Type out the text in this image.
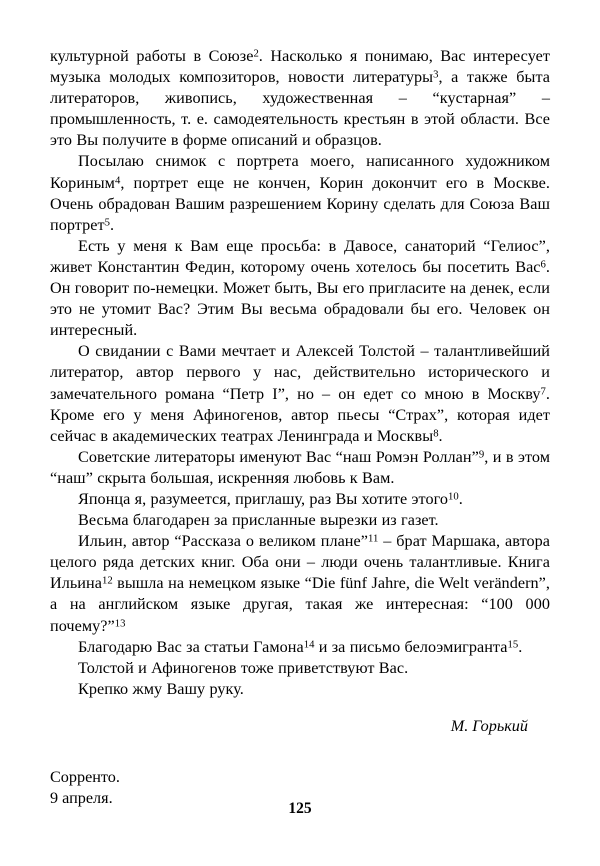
культурной работы в Союзе$^2$. Насколько я понимаю, Вас интересует музыка молодых композиторов, новости литературы$^3$, а также быта литераторов, живопись, художественная – “кустарная” – промышленность, т. е. самодеятельность крестьян в этой области. Все это Вы получите в форме описаний и образцов.

Посылаю снимок с портрета моего, написанного художником Кориным$^4$, портрет еще не кончен, Корин докончит его в Москве. Очень обрадован Вашим разрешением Корину сделать для Союза Ваш портрет$^5$.

Есть у меня к Вам еще просьба: в Давосе, санаторий “Гелиос”, живет Константин Федин, которому очень хотелось бы посетить Вас$^6$. Он говорит по-немецки. Может быть, Вы его пригласите на денек, если это не утомит Вас? Этим Вы весьма обрадовали бы его. Человек он интересный.

О свидании с Вами мечтает и Алексей Толстой – талантливейший литератор, автор первого у нас, действительно исторического и замечательного романа “Петр I”, но – он едет со мною в Москву$^7$. Кроме его у меня Афиногенов, автор пьесы “Страх”, которая идет сейчас в академических театрах Ленинграда и Москвы$^8$.

Советские литераторы именуют Вас “наш Ромэн Роллан”$^9$, и в этом “наш” скрыта большая, искренняя любовь к Вам.

Японца я, разумеется, приглашу, раз Вы хотите этого$^{10}$.

Весьма благодарен за присланные вырезки из газет.

Ильин, автор “Рассказа о великом плане”$^{11}$ – брат Маршака, автора целого ряда детских книг. Оба они – люди очень талантливые. Книга Ильина$^{12}$ вышла на немецком языке “Die fünf Jahre, die Welt verändern”, а на английском языке другая, такая же интересная: “100 000 почему?”$^{13}$

Благодарю Вас за статьи Гамона$^{14}$ и за письмо белоэмигранта$^{15}$.

Толстой и Афиногенов тоже приветствуют Вас.

Крепко жму Вашу руку.

М. Горький

Сорренто.
9 апреля.
125
